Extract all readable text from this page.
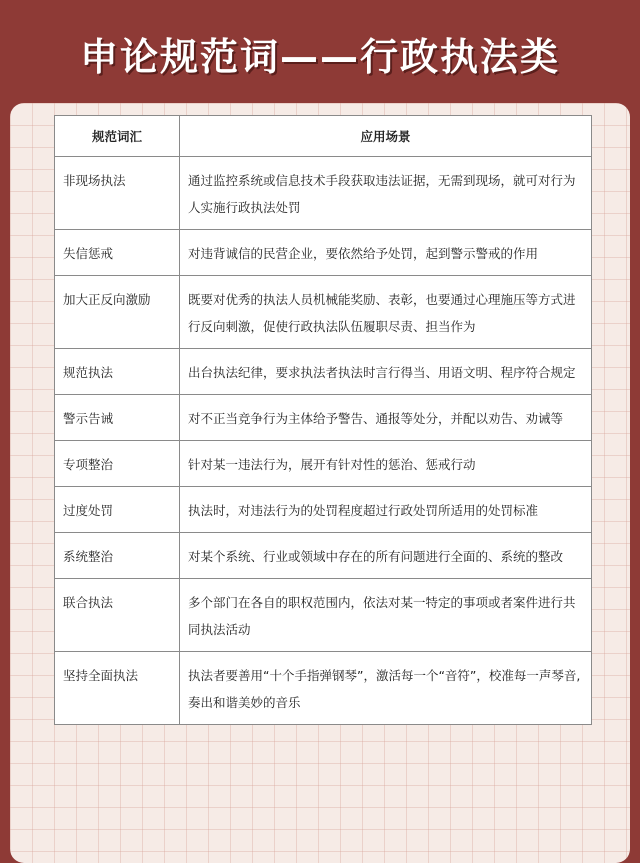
申论规范词——行政执法类
规范词汇	应用场景
非现场执法	通过监控系统或信息技术手段获取违法证据，无需到现场，就可对行为人实施行政执法处罚
失信惩戒	对违背诚信的民营企业，要依然给予处罚，起到警示警戒的作用
加大正反向激励	既要对优秀的执法人员机械能奖励、表彰，也要通过心理施压等方式进行反向刺激，促使行政执法队伍履职尽责、担当作为
规范执法	出台执法纪律，要求执法者执法时言行得当、用语文明、程序符合规定
警示告诫	对不正当竞争行为主体给予警告、通报等处分，并配以劝告、劝诫等
专项整治	针对某一违法行为，展开有针对性的惩治、惩戒行动
过度处罚	执法时，对违法行为的处罚程度超过行政处罚所适用的处罚标准
系统整治	对某个系统、行业或领域中存在的所有问题进行全面的、系统的整改
联合执法	多个部门在各自的职权范围内，依法对某一特定的事项或者案件进行共同执法活动
坚持全面执法	执法者要善用“十个手指弹钢琴”，激活每一个“音符”，校准每一声琴音,奏出和谐美妙的音乐
